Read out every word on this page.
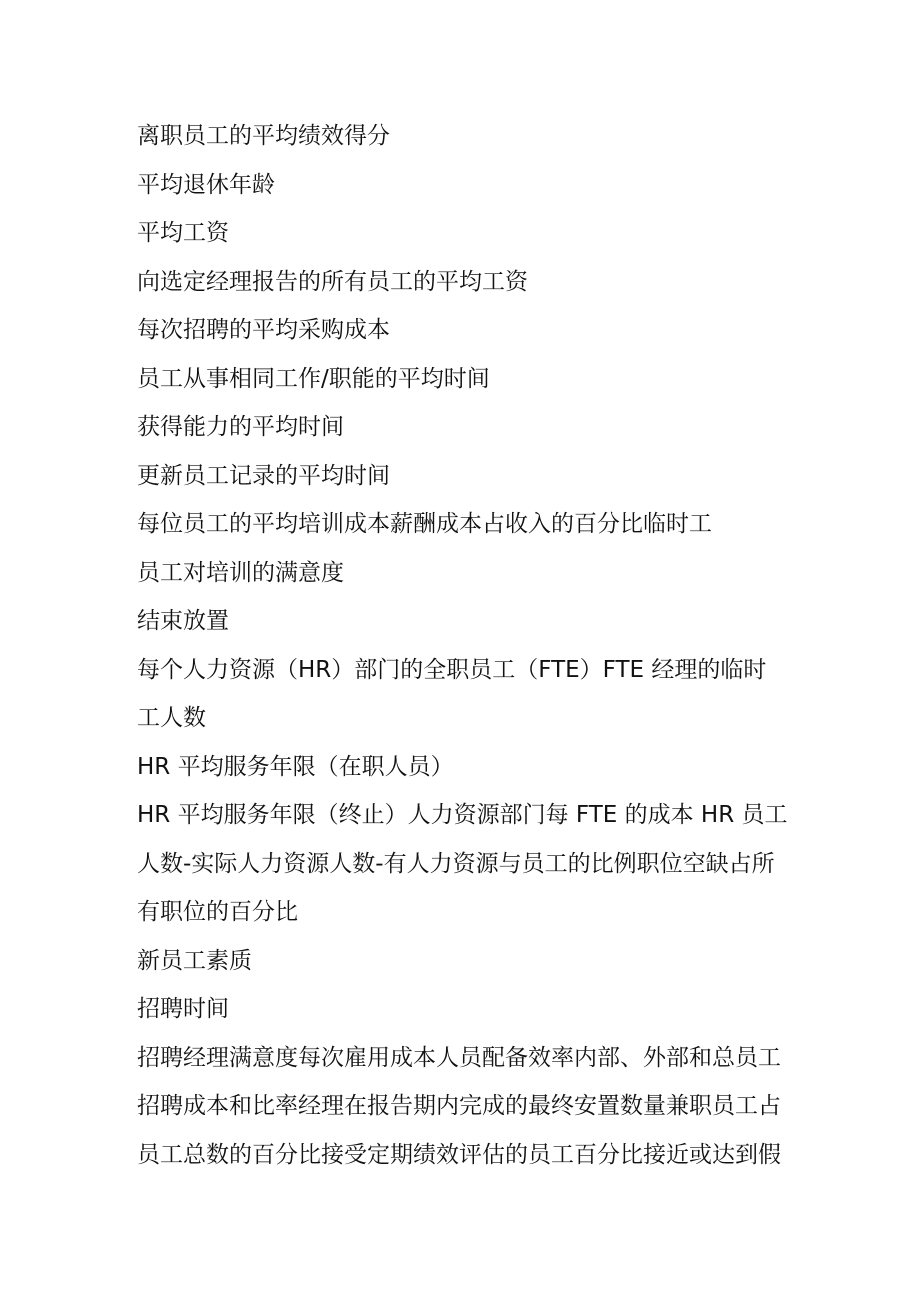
离职员工的平均绩效得分
平均退休年龄
平均工资
向选定经理报告的所有员工的平均工资
每次招聘的平均采购成本
员工从事相同工作/职能的平均时间
获得能力的平均时间
更新员工记录的平均时间
每位员工的平均培训成本薪酬成本占收入的百分比临时工
员工对培训的满意度
结束放置
每个人力资源（HR）部门的全职员工（FTE）FTE 经理的临时
工人数
HR 平均服务年限（在职人员）
HR 平均服务年限（终止）人力资源部门每 FTE 的成本 HR 员工
人数-实际人力资源人数-有人力资源与员工的比例职位空缺占所
有职位的百分比
新员工素质
招聘时间
招聘经理满意度每次雇用成本人员配备效率内部、外部和总员工
招聘成本和比率经理在报告期内完成的最终安置数量兼职员工占
员工总数的百分比接受定期绩效评估的员工百分比接近或达到假
